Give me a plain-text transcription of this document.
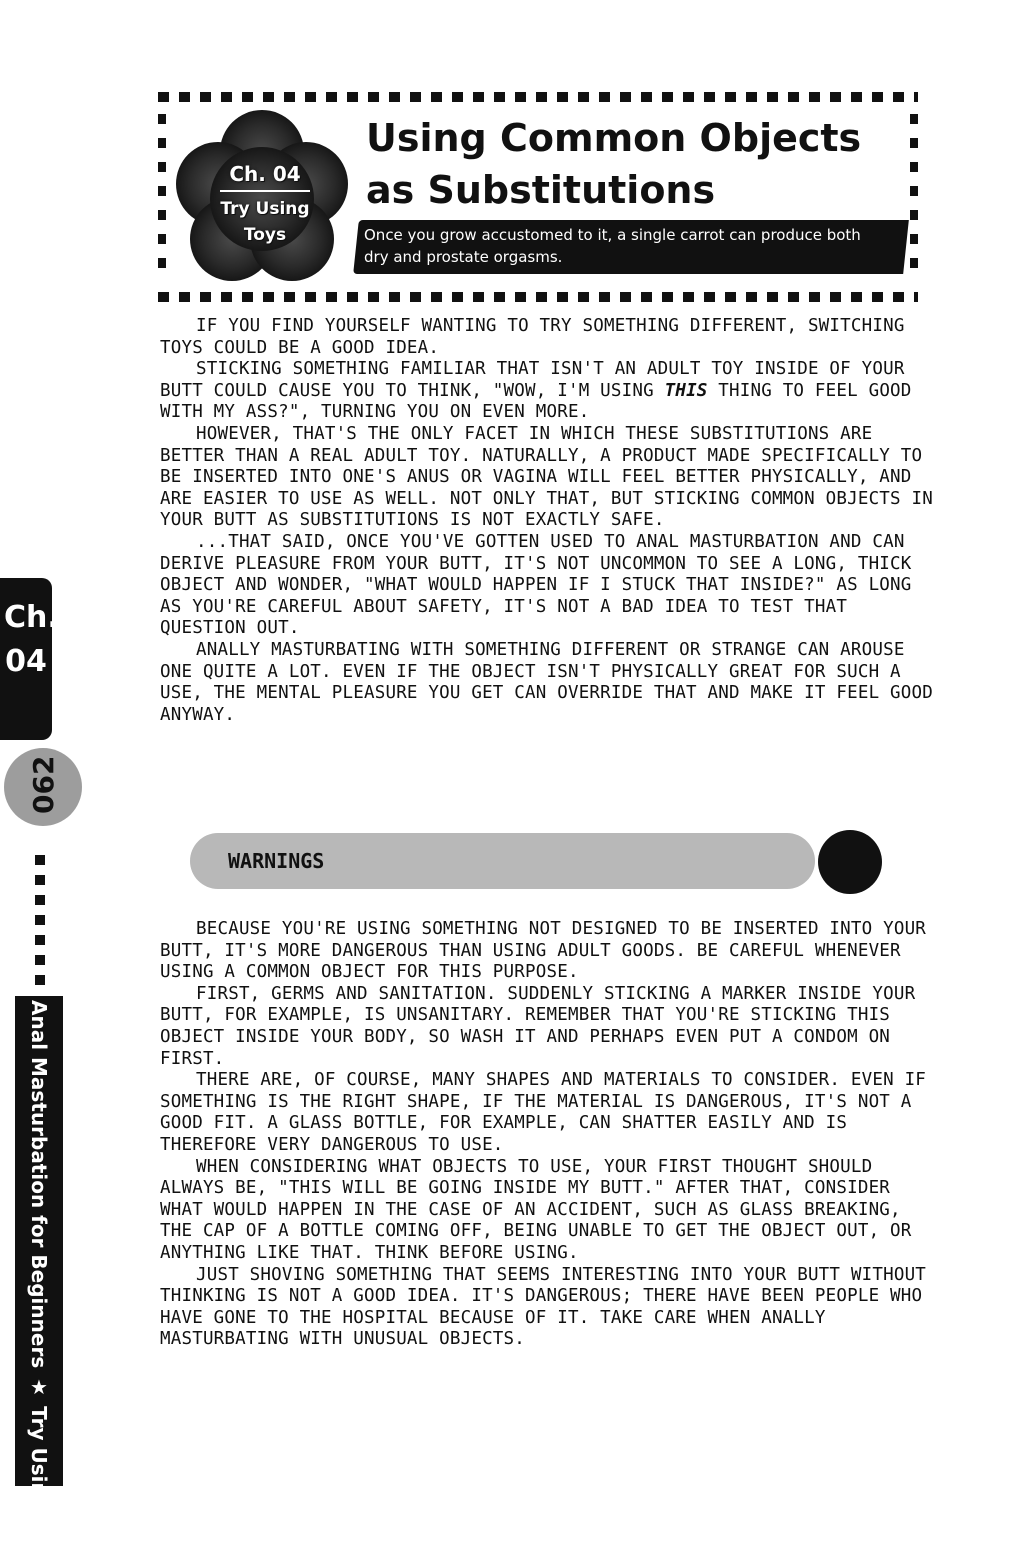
Ch. 04
Try Using
Toys
Using Common Objects
as Substitutions
Once you grow accustomed to it, a single carrot can produce both dry and prostate orgasms.

IF YOU FIND YOURSELF WANTING TO TRY SOMETHING DIFFERENT, SWITCHING TOYS COULD BE A GOOD IDEA.

STICKING SOMETHING FAMILIAR THAT ISN'T AN ADULT TOY INSIDE OF YOUR BUTT COULD CAUSE YOU TO THINK, "WOW, I'M USING THIS THING TO FEEL GOOD WITH MY ASS?", TURNING YOU ON EVEN MORE.

HOWEVER, THAT'S THE ONLY FACET IN WHICH THESE SUBSTITUTIONS ARE BETTER THAN A REAL ADULT TOY. NATURALLY, A PRODUCT MADE SPECIFICALLY TO BE INSERTED INTO ONE'S ANUS OR VAGINA WILL FEEL BETTER PHYSICALLY, AND ARE EASIER TO USE AS WELL. NOT ONLY THAT, BUT STICKING COMMON OBJECTS IN YOUR BUTT AS SUBSTITUTIONS IS NOT EXACTLY SAFE.

...THAT SAID, ONCE YOU'VE GOTTEN USED TO ANAL MASTURBATION AND CAN DERIVE PLEASURE FROM YOUR BUTT, IT'S NOT UNCOMMON TO SEE A LONG, THICK OBJECT AND WONDER, "WHAT WOULD HAPPEN IF I STUCK THAT INSIDE?" AS LONG AS YOU'RE CAREFUL ABOUT SAFETY, IT'S NOT A BAD IDEA TO TEST THAT QUESTION OUT.

ANALLY MASTURBATING WITH SOMETHING DIFFERENT OR STRANGE CAN AROUSE ONE QUITE A LOT. EVEN IF THE OBJECT ISN'T PHYSICALLY GREAT FOR SUCH A USE, THE MENTAL PLEASURE YOU GET CAN OVERRIDE THAT AND MAKE IT FEEL GOOD ANYWAY.

WARNINGS

BECAUSE YOU'RE USING SOMETHING NOT DESIGNED TO BE INSERTED INTO YOUR BUTT, IT'S MORE DANGEROUS THAN USING ADULT GOODS. BE CAREFUL WHENEVER USING A COMMON OBJECT FOR THIS PURPOSE.

FIRST, GERMS AND SANITATION. SUDDENLY STICKING A MARKER INSIDE YOUR BUTT, FOR EXAMPLE, IS UNSANITARY. REMEMBER THAT YOU'RE STICKING THIS OBJECT INSIDE YOUR BODY, SO WASH IT AND PERHAPS EVEN PUT A CONDOM ON FIRST.

THERE ARE, OF COURSE, MANY SHAPES AND MATERIALS TO CONSIDER. EVEN IF SOMETHING IS THE RIGHT SHAPE, IF THE MATERIAL IS DANGEROUS, IT'S NOT A GOOD FIT. A GLASS BOTTLE, FOR EXAMPLE, CAN SHATTER EASILY AND IS THEREFORE VERY DANGEROUS TO USE.

WHEN CONSIDERING WHAT OBJECTS TO USE, YOUR FIRST THOUGHT SHOULD ALWAYS BE, "THIS WILL BE GOING INSIDE MY BUTT." AFTER THAT, CONSIDER WHAT WOULD HAPPEN IN THE CASE OF AN ACCIDENT, SUCH AS GLASS BREAKING, THE CAP OF A BOTTLE COMING OFF, BEING UNABLE TO GET THE OBJECT OUT, OR ANYTHING LIKE THAT. THINK BEFORE USING.

JUST SHOVING SOMETHING THAT SEEMS INTERESTING INTO YOUR BUTT WITHOUT THINKING IS NOT A GOOD IDEA. IT'S DANGEROUS; THERE HAVE BEEN PEOPLE WHO HAVE GONE TO THE HOSPITAL BECAUSE OF IT. TAKE CARE WHEN ANALLY MASTURBATING WITH UNUSUAL OBJECTS.

Ch.
04
062
Anal Masturbation for Beginners ★ Try Using Toys
